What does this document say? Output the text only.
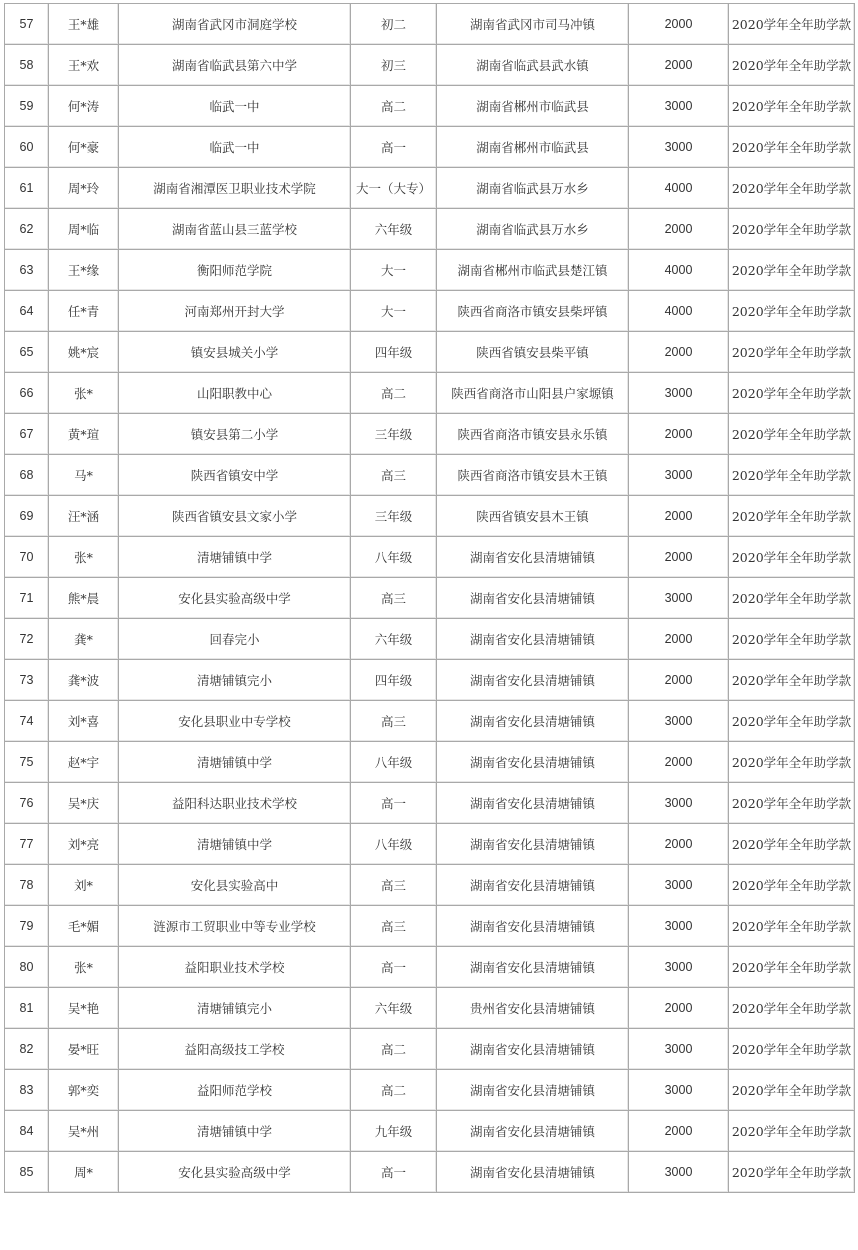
57	王*雄	湖南省武冈市洞庭学校	初二	湖南省武冈市司马冲镇	2000	2020学年全年助学款
58	王*欢	湖南省临武县第六中学	初三	湖南省临武县武水镇	2000	2020学年全年助学款
59	何*涛	临武一中	高二	湖南省郴州市临武县	3000	2020学年全年助学款
60	何*豪	临武一中	高一	湖南省郴州市临武县	3000	2020学年全年助学款
61	周*玲	湖南省湘潭医卫职业技术学院	大一（大专）	湖南省临武县万水乡	4000	2020学年全年助学款
62	周*临	湖南省蓝山县三蓝学校	六年级	湖南省临武县万水乡	2000	2020学年全年助学款
63	王*缘	衡阳师范学院	大一	湖南省郴州市临武县楚江镇	4000	2020学年全年助学款
64	任*青	河南郑州开封大学	大一	陕西省商洛市镇安县柴坪镇	4000	2020学年全年助学款
65	姚*宸	镇安县城关小学	四年级	陕西省镇安县柴平镇	2000	2020学年全年助学款
66	张*	山阳职教中心	高二	陕西省商洛市山阳县户家塬镇	3000	2020学年全年助学款
67	黄*瑄	镇安县第二小学	三年级	陕西省商洛市镇安县永乐镇	2000	2020学年全年助学款
68	马*	陕西省镇安中学	高三	陕西省商洛市镇安县木王镇	3000	2020学年全年助学款
69	汪*涵	陕西省镇安县文家小学	三年级	陕西省镇安县木王镇	2000	2020学年全年助学款
70	张*	清塘铺镇中学	八年级	湖南省安化县清塘铺镇	2000	2020学年全年助学款
71	熊*晨	安化县实验高级中学	高三	湖南省安化县清塘铺镇	3000	2020学年全年助学款
72	龚*	回春完小	六年级	湖南省安化县清塘铺镇	2000	2020学年全年助学款
73	龚*波	清塘铺镇完小	四年级	湖南省安化县清塘铺镇	2000	2020学年全年助学款
74	刘*喜	安化县职业中专学校	高三	湖南省安化县清塘铺镇	3000	2020学年全年助学款
75	赵*宇	清塘铺镇中学	八年级	湖南省安化县清塘铺镇	2000	2020学年全年助学款
76	吴*庆	益阳科达职业技术学校	高一	湖南省安化县清塘铺镇	3000	2020学年全年助学款
77	刘*亮	清塘铺镇中学	八年级	湖南省安化县清塘铺镇	2000	2020学年全年助学款
78	刘*	安化县实验高中	高三	湖南省安化县清塘铺镇	3000	2020学年全年助学款
79	毛*媚	涟源市工贸职业中等专业学校	高三	湖南省安化县清塘铺镇	3000	2020学年全年助学款
80	张*	益阳职业技术学校	高一	湖南省安化县清塘铺镇	3000	2020学年全年助学款
81	吴*艳	清塘铺镇完小	六年级	贵州省安化县清塘铺镇	2000	2020学年全年助学款
82	晏*旺	益阳高级技工学校	高二	湖南省安化县清塘铺镇	3000	2020学年全年助学款
83	郭*奕	益阳师范学校	高二	湖南省安化县清塘铺镇	3000	2020学年全年助学款
84	吴*州	清塘铺镇中学	九年级	湖南省安化县清塘铺镇	2000	2020学年全年助学款
85	周*	安化县实验高级中学	高一	湖南省安化县清塘铺镇	3000	2020学年全年助学款
